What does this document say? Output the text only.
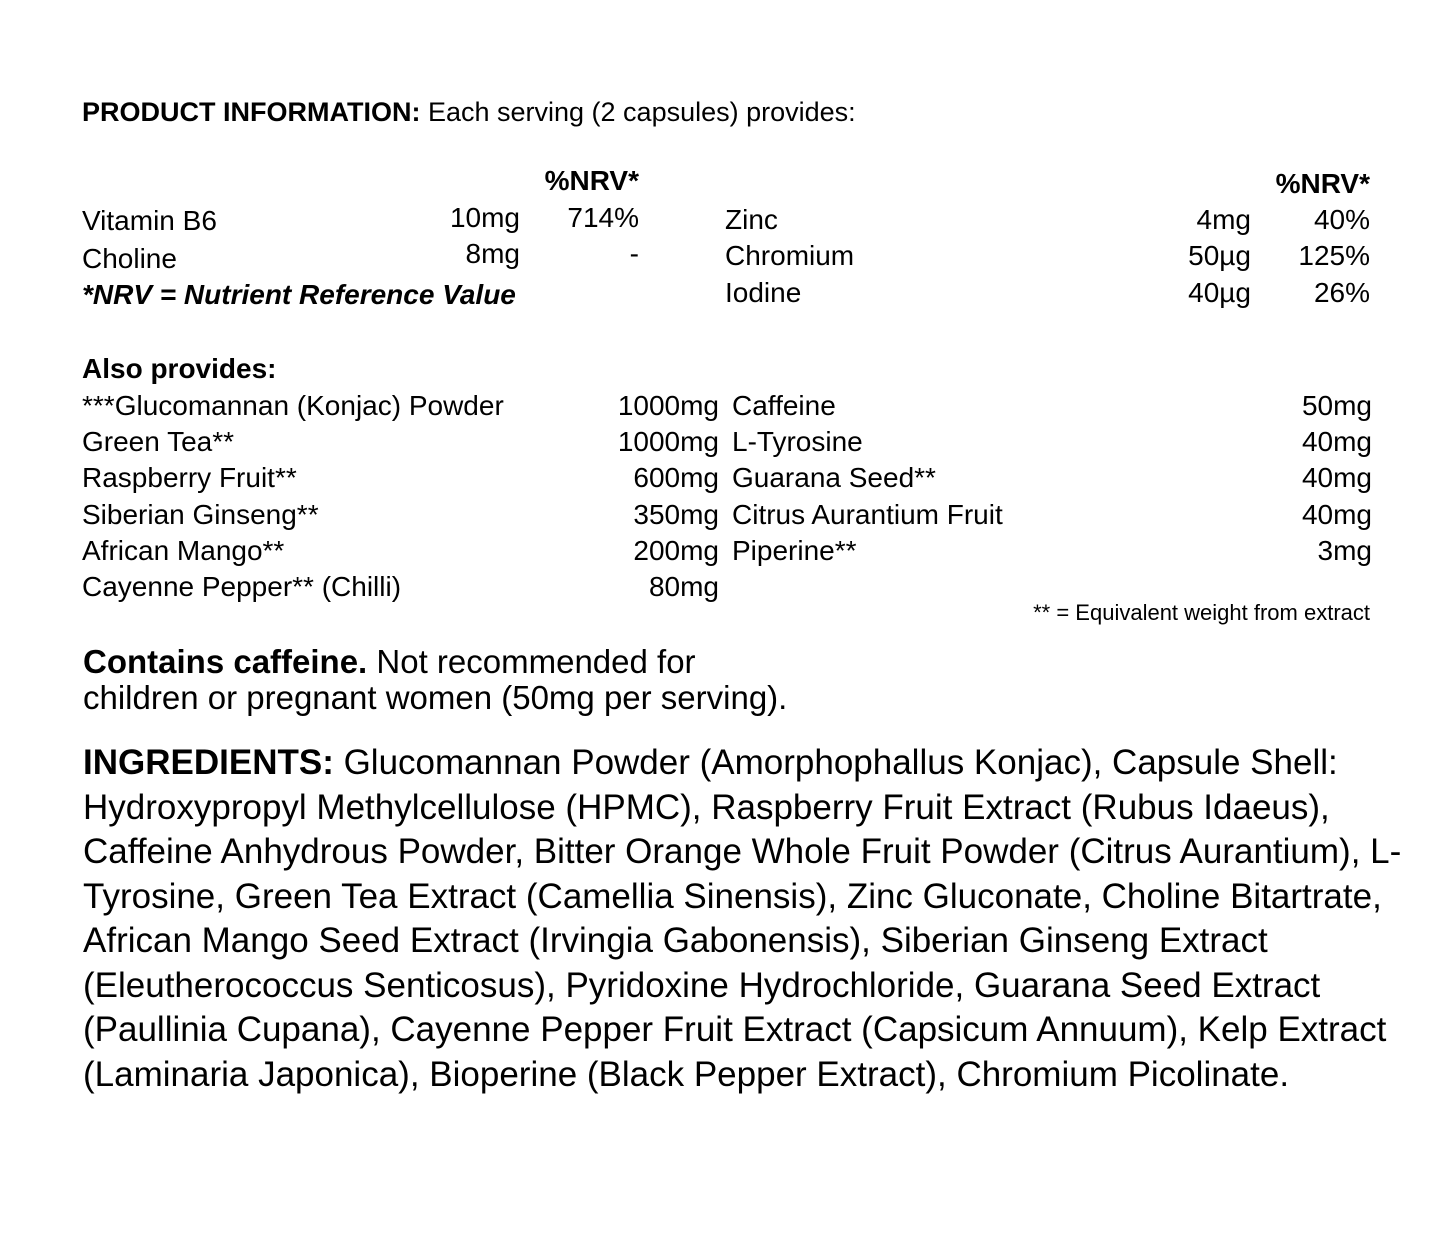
PRODUCT INFORMATION: Each serving (2 capsules) provides:
%NRV*
Vitamin B6	10mg	714%
Choline	8mg	-
*NRV = Nutrient Reference Value
%NRV*
Zinc	4mg	40%
Chromium	50µg	125%
Iodine	40µg	26%
Also provides:
***Glucomannan (Konjac) Powder	1000mg
Green Tea**	1000mg
Raspberry Fruit**	600mg
Siberian Ginseng**	350mg
African Mango**	200mg
Cayenne Pepper** (Chilli)	80mg
Caffeine	50mg
L-Tyrosine	40mg
Guarana Seed**	40mg
Citrus Aurantium Fruit	40mg
Piperine**	3mg
** = Equivalent weight from extract
Contains caffeine. Not recommended for
children or pregnant women (50mg per serving).
INGREDIENTS: Glucomannan Powder (Amorphophallus Konjac), Capsule Shell: Hydroxypropyl Methylcellulose (HPMC), Raspberry Fruit Extract (Rubus Idaeus), Caffeine Anhydrous Powder, Bitter Orange Whole Fruit Powder (Citrus Aurantium), L-Tyrosine, Green Tea Extract (Camellia Sinensis), Zinc Gluconate, Choline Bitartrate, African Mango Seed Extract (Irvingia Gabonensis), Siberian Ginseng Extract (Eleutherococcus Senticosus), Pyridoxine Hydrochloride, Guarana Seed Extract (Paullinia Cupana), Cayenne Pepper Fruit Extract (Capsicum Annuum), Kelp Extract (Laminaria Japonica), Bioperine (Black Pepper Extract), Chromium Picolinate.
